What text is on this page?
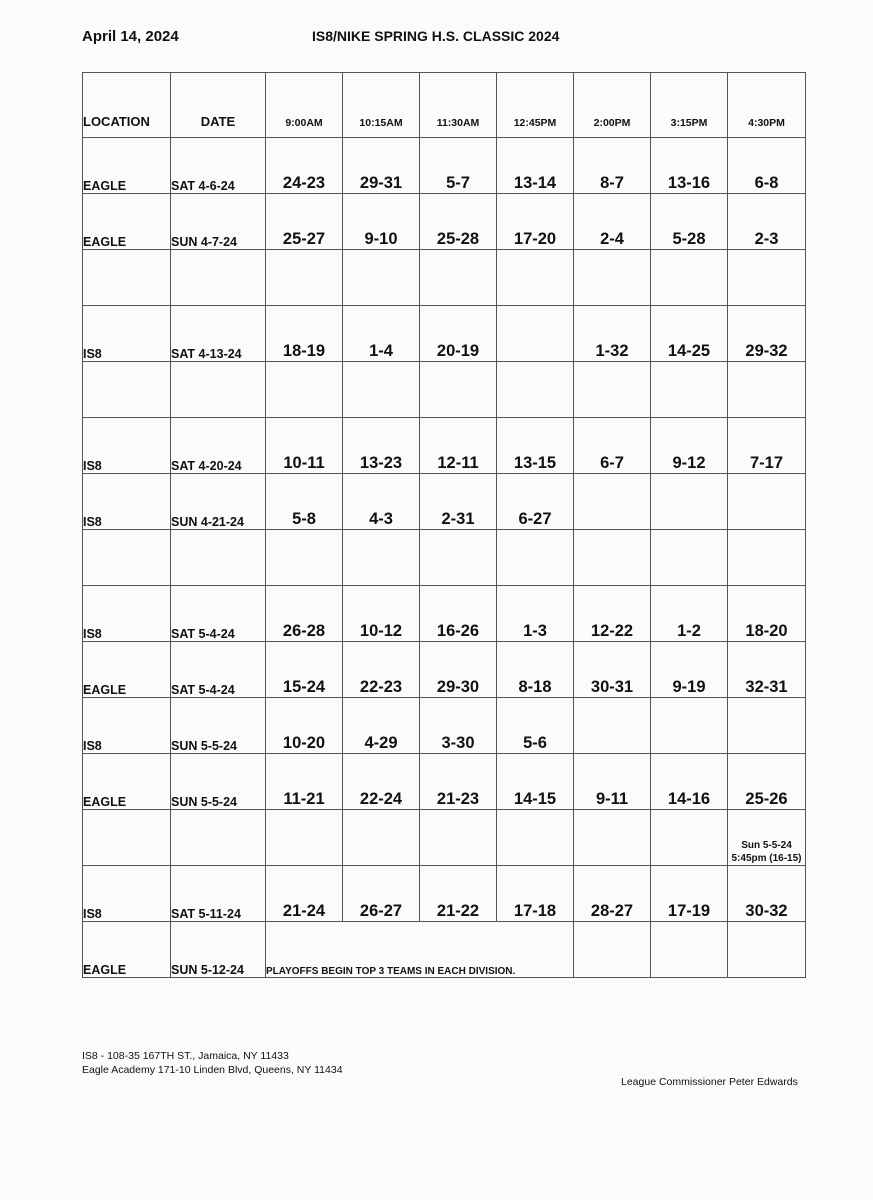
April 14, 2024	IS8/NIKE SPRING H.S. CLASSIC 2024
LOCATION	DATE	9:00AM	10:15AM	11:30AM	12:45PM	2:00PM	3:15PM	4:30PM
EAGLE	SAT 4-6-24	24-23	29-31	5-7	13-14	8-7	13-16	6-8
EAGLE	SUN 4-7-24	25-27	9-10	25-28	17-20	2-4	5-28	2-3

IS8	SAT 4-13-24	18-19	1-4	20-19		1-32	14-25	29-32

IS8	SAT 4-20-24	10-11	13-23	12-11	13-15	6-7	9-12	7-17
IS8	SUN 4-21-24	5-8	4-3	2-31	6-27			

IS8	SAT 5-4-24	26-28	10-12	16-26	1-3	12-22	1-2	18-20
EAGLE	SAT 5-4-24	15-24	22-23	29-30	8-18	30-31	9-19	32-31
IS8	SUN 5-5-24	10-20	4-29	3-30	5-6			
EAGLE	SUN 5-5-24	11-21	22-24	21-23	14-15	9-11	14-16	25-26
								Sun 5-5-24 5:45pm (16-15)
IS8	SAT 5-11-24	21-24	26-27	21-22	17-18	28-27	17-19	30-32
EAGLE	SUN 5-12-24	PLAYOFFS BEGIN TOP 3 TEAMS IN EACH DIVISION.						
IS8 - 108-35 167TH ST., Jamaica, NY 11433
Eagle Academy 171-10 Linden Blvd, Queens, NY 11434
League Commissioner Peter Edwards
